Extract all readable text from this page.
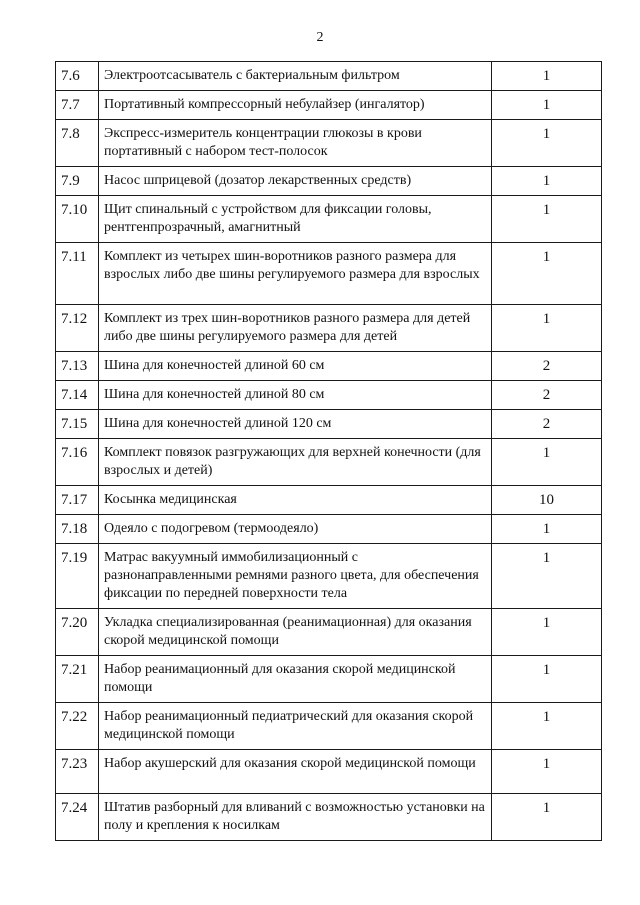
2
7.6	Электроотсасыватель с бактериальным фильтром	1
7.7	Портативный компрессорный небулайзер (ингалятор)	1
7.8	Экспресс-измеритель концентрации глюкозы в крови портативный с набором тест-полосок	1
7.9	Насос шприцевой (дозатор лекарственных средств)	1
7.10	Щит спинальный с устройством для фиксации головы, рентгенпрозрачный, амагнитный	1
7.11	Комплект из четырех шин-воротников разного размера для взрослых либо две шины регулируемого размера для взрослых	1
7.12	Комплект из трех шин-воротников разного размера для детей либо две шины регулируемого размера для детей	1
7.13	Шина для конечностей длиной 60 см	2
7.14	Шина для конечностей длиной 80 см	2
7.15	Шина для конечностей длиной 120 см	2
7.16	Комплект повязок разгружающих для верхней конечности (для взрослых и детей)	1
7.17	Косынка медицинская	10
7.18	Одеяло с подогревом (термоодеяло)	1
7.19	Матрас вакуумный иммобилизационный с разнонаправленными ремнями разного цвета, для обеспечения фиксации по передней поверхности тела	1
7.20	Укладка специализированная (реанимационная) для оказания скорой медицинской помощи	1
7.21	Набор реанимационный для оказания скорой медицинской помощи	1
7.22	Набор реанимационный педиатрический для оказания скорой медицинской помощи	1
7.23	Набор акушерский для оказания скорой медицинской помощи	1
7.24	Штатив разборный для вливаний с возможностью установки на полу и крепления к носилкам	1
